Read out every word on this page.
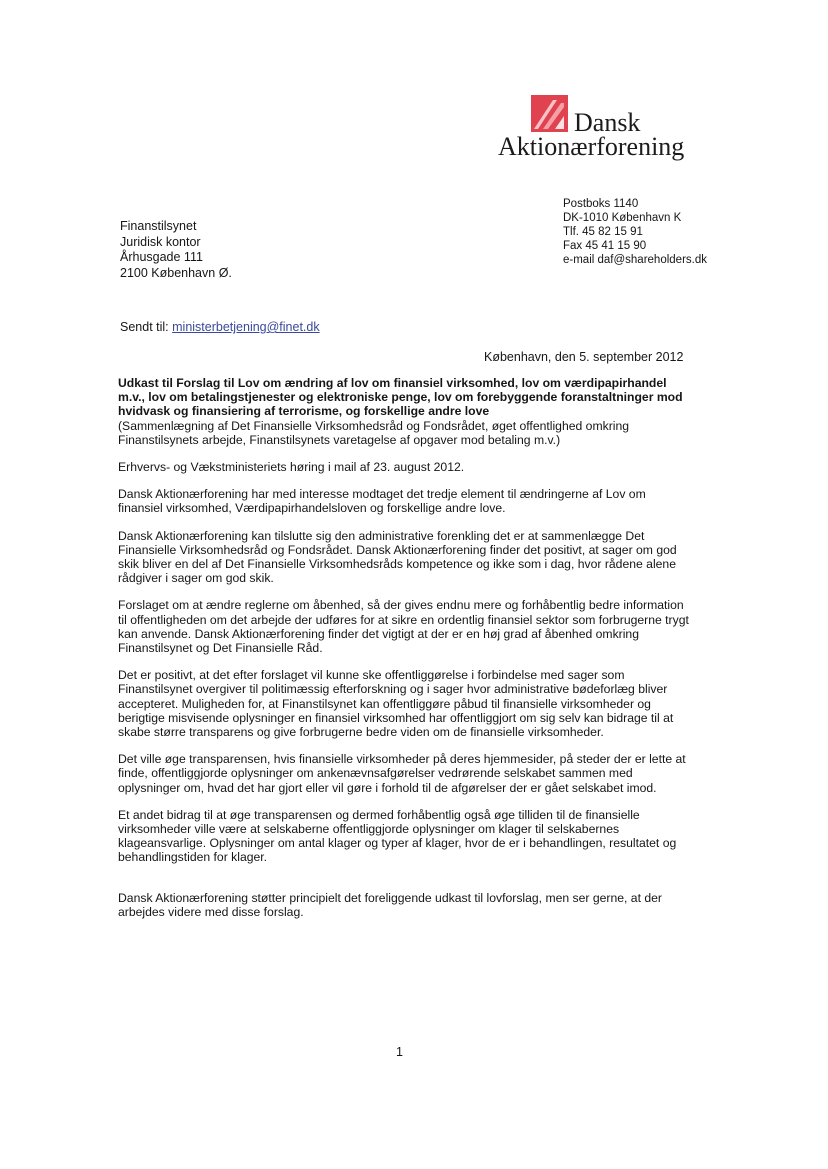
Dansk
Aktionærforening
Postboks 1140
DK-1010 København K
Tlf. 45 82 15 91
Fax 45 41 15 90
e-mail daf@shareholders.dk
Finanstilsynet
Juridisk kontor
Århusgade 111
2100 København Ø.
Sendt til: ministerbetjening@finet.dk
København, den 5. september 2012

Udkast til Forslag til Lov om ændring af lov om finansiel virksomhed, lov om værdipapirhandel m.v., lov om betalingstjenester og elektroniske penge, lov om forebyggende foranstaltninger mod hvidvask og finansiering af terrorisme, og forskellige andre love

(Sammenlægning af Det Finansielle Virksomhedsråd og Fondsrådet, øget offentlighed omkring Finanstilsynets arbejde, Finanstilsynets varetagelse af opgaver mod betaling m.v.)

Erhvervs- og Vækstministeriets høring i mail af 23. august 2012.

Dansk Aktionærforening har med interesse modtaget det tredje element til ændringerne af Lov om finansiel virksomhed, Værdipapirhandelsloven og forskellige andre love.

Dansk Aktionærforening kan tilslutte sig den administrative forenkling det er at sammenlægge Det Finansielle Virksomhedsråd og Fondsrådet. Dansk Aktionærforening finder det positivt, at sager om god skik bliver en del af Det Finansielle Virksomhedsråds kompetence og ikke som i dag, hvor rådene alene rådgiver i sager om god skik.

Forslaget om at ændre reglerne om åbenhed, så der gives endnu mere og forhåbentlig bedre information til offentligheden om det arbejde der udføres for at sikre en ordentlig finansiel sektor som forbrugerne trygt kan anvende. Dansk Aktionærforening finder det vigtigt at der er en høj grad af åbenhed omkring Finanstilsynet og Det Finansielle Råd.

Det er positivt, at det efter forslaget vil kunne ske offentliggørelse i forbindelse med sager som Finanstilsynet overgiver til politimæssig efterforskning og i sager hvor administrative bødeforlæg bliver accepteret. Muligheden for, at Finanstilsynet kan offentliggøre påbud til finansielle virksomheder og berigtige misvisende oplysninger en finansiel virksomhed har offentliggjort om sig selv kan bidrage til at skabe større transparens og give forbrugerne bedre viden om de finansielle virksomheder.

Det ville øge transparensen, hvis finansielle virksomheder på deres hjemmesider, på steder der er lette at finde, offentliggjorde oplysninger om ankenævnsafgørelser vedrørende selskabet sammen med oplysninger om, hvad det har gjort eller vil gøre i forhold til de afgørelser der er gået selskabet imod.

Et andet bidrag til at øge transparensen og dermed forhåbentlig også øge tilliden til de finansielle virksomheder ville være at selskaberne offentliggjorde oplysninger om klager til selskabernes klageansvarlige. Oplysninger om antal klager og typer af klager, hvor de er i behandlingen, resultatet og behandlingstiden for klager.

Dansk Aktionærforening støtter principielt det foreliggende udkast til lovforslag, men ser gerne, at der arbejdes videre med disse forslag.

1
